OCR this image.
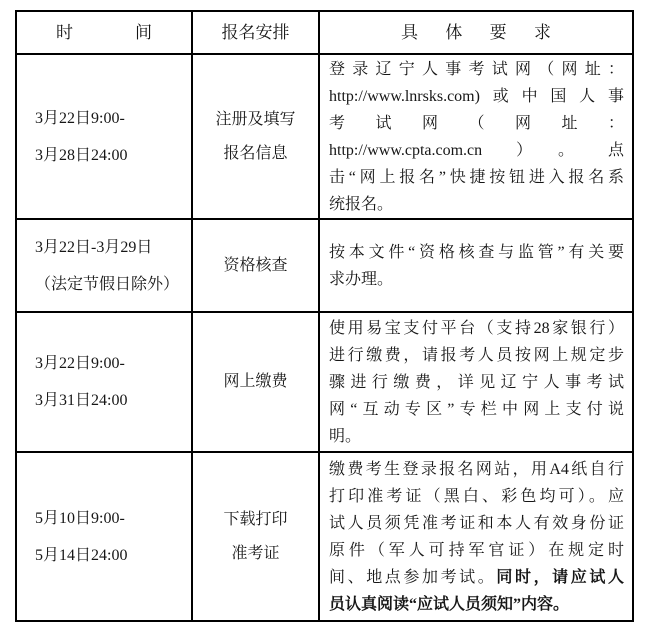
时间	报名安排	具体要求
3月22日9:00-
3月28日24:00
注册及填写
报名信息
登录辽宁人事考试网（网址：
http://www.lnrsks.com)或中国人事
考试网（网址：
http://www.cpta.com.cn）。点
击“网上报名”快捷按钮进入报名系
统报名。
3月22日-3月29日
（法定节假日除外）
资格核查
按本文件“资格核查与监管”有关要
求办理。
3月22日9:00-
3月31日24:00
网上缴费
使用易宝支付平台（支持28家银行）
进行缴费，请报考人员按网上规定步
骤进行缴费，详见辽宁人事考试
网“互动专区”专栏中网上支付说
明。
5月10日9:00-
5月14日24:00
下载打印
准考证
缴费考生登录报名网站，用A4纸自行
打印准考证（黑白、彩色均可）。应
试人员须凭准考证和本人有效身份证
原件（军人可持军官证）在规定时
间、地点参加考试。同时，请应试人
员认真阅读“应试人员须知”内容。
